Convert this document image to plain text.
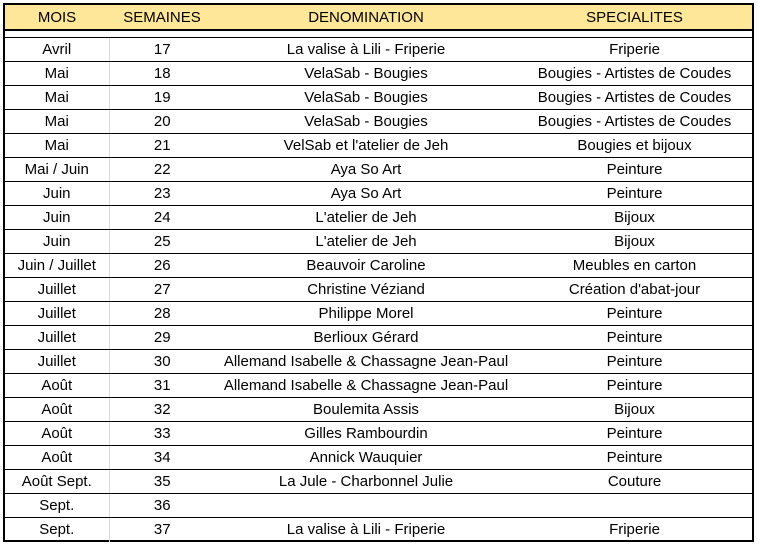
MOIS	SEMAINES	DENOMINATION	SPECIALITES

Avril	17	La valise à Lili - Friperie	Friperie
Mai	18	VelaSab - Bougies	Bougies - Artistes de Coudes
Mai	19	VelaSab - Bougies	Bougies - Artistes de Coudes
Mai	20	VelaSab - Bougies	Bougies - Artistes de Coudes
Mai	21	VelSab et l'atelier de Jeh	Bougies et bijoux
Mai / Juin	22	Aya So Art	Peinture
Juin	23	Aya So Art	Peinture
Juin	24	L'atelier de Jeh	Bijoux
Juin	25	L'atelier de Jeh	Bijoux
Juin / Juillet	26	Beauvoir Caroline	Meubles en carton
Juillet	27	Christine Véziand	Création d'abat-jour
Juillet	28	Philippe Morel	Peinture
Juillet	29	Berlioux Gérard	Peinture
Juillet	30	Allemand Isabelle & Chassagne Jean-Paul	Peinture
Août	31	Allemand Isabelle & Chassagne Jean-Paul	Peinture
Août	32	Boulemita Assis	Bijoux
Août	33	Gilles Rambourdin	Peinture
Août	34	Annick Wauquier	Peinture
Août Sept.	35	La Jule - Charbonnel Julie	Couture
Sept.	36		
Sept.	37	La valise à Lili - Friperie	Friperie
